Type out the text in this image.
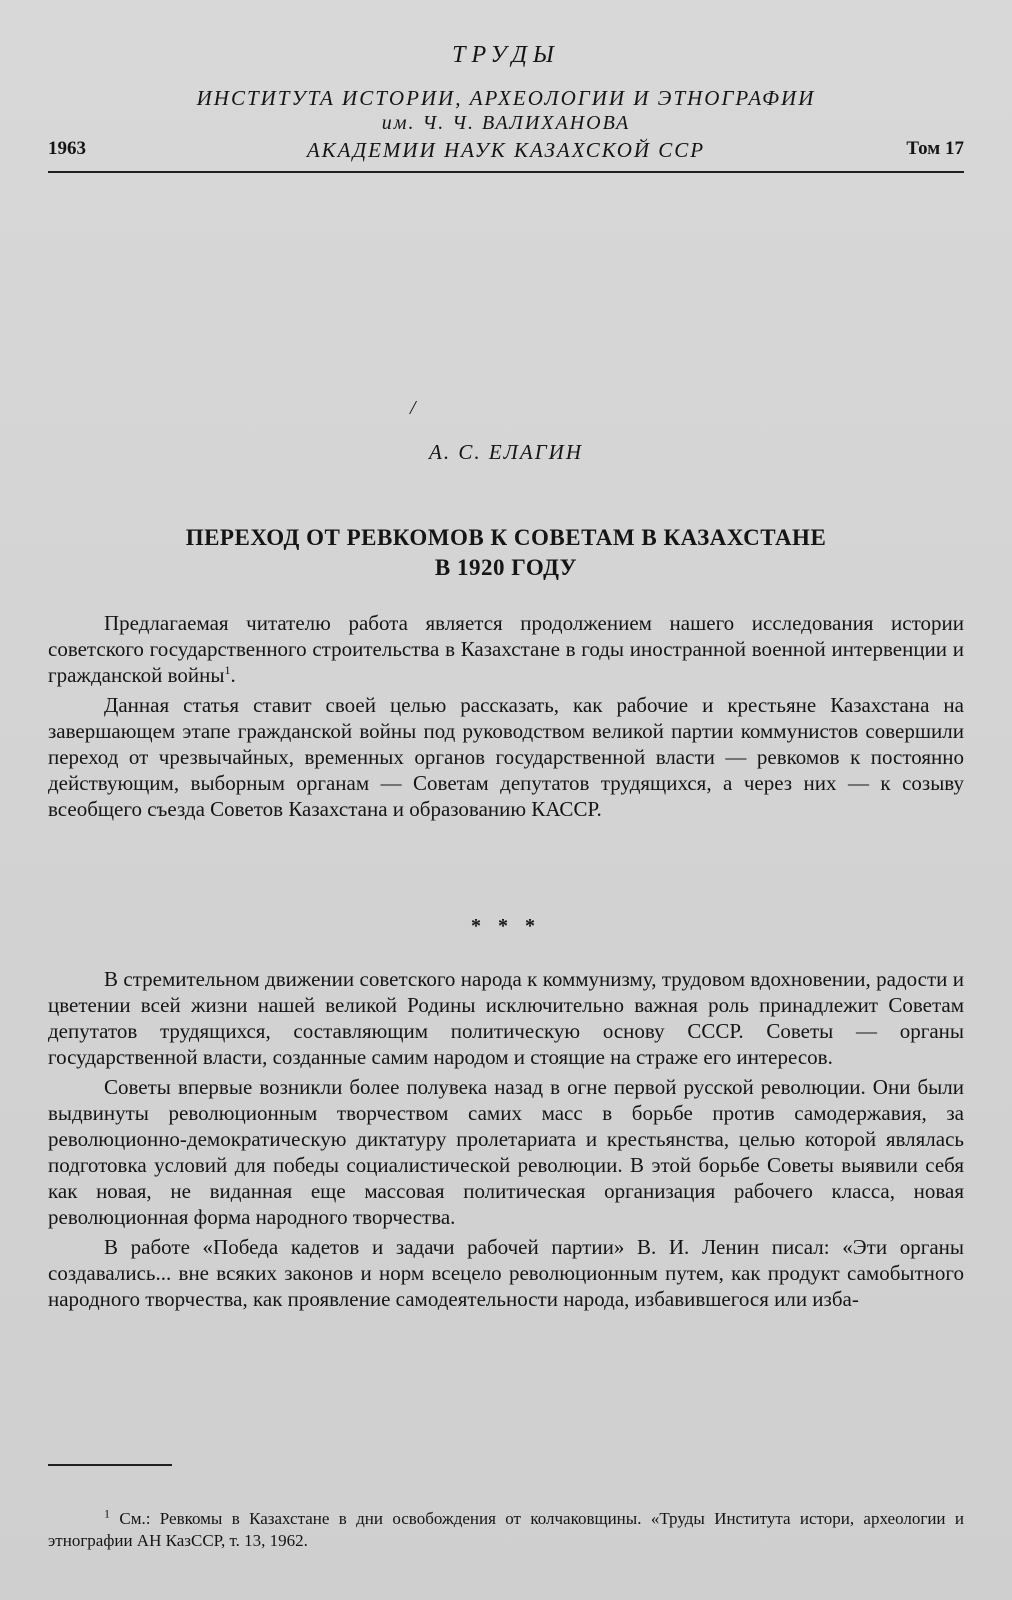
ТРУДЫ
ИНСТИТУТА ИСТОРИИ, АРХЕОЛОГИИ И ЭТНОГРАФИИ
им. Ч. Ч. ВАЛИХАНОВА
АКАДЕМИИ НАУК КАЗАХСКОЙ ССР
1963	Том 17
/
А. С. ЕЛАГИН
ПЕРЕХОД ОТ РЕВКОМОВ К СОВЕТАМ В КАЗАХСТАНЕ
В 1920 ГОДУ

Предлагаемая читателю работа является продолжением нашего исследования истории советского государственного строительства в Казахстане в годы иностранной военной интервенции и гражданской войны$^1$.

Данная статья ставит своей целью рассказать, как рабочие и крестьяне Казахстана на завершающем этапе гражданской войны под руководством великой партии коммунистов совершили переход от чрезвычайных, временных органов государственной власти — ревкомов к постоянно действующим, выборным органам — Советам депутатов трудящихся, а через них — к созыву всеобщего съезда Советов Казахстана и образованию КАССР.

* * *

В стремительном движении советского народа к коммунизму, трудовом вдохновении, радости и цветении всей жизни нашей великой Родины исключительно важная роль принадлежит Советам депутатов трудящихся, составляющим политическую основу СССР. Советы — органы государственной власти, созданные самим народом и стоящие на страже его интересов.

Советы впервые возникли более полувека назад в огне первой русской революции. Они были выдвинуты революционным творчеством самих масс в борьбе против самодержавия, за революционно-демократическую диктатуру пролетариата и крестьянства, целью которой являлась подготовка условий для победы социалистической революции. В этой борьбе Советы выявили себя как новая, не виданная еще массовая политическая организация рабочего класса, новая революционная форма народного творчества.

В работе «Победа кадетов и задачи рабочей партии» В. И. Ленин писал: «Эти органы создавались... вне всяких законов и норм всецело революционным путем, как продукт самобытного народного творчества, как проявление самодеятельности народа, избавившегося или изба-

$^1$ См.: Ревкомы в Казахстане в дни освобождения от колчаковщины. «Труды Института истори, археологии и этнографии АН КазССР, т. 13, 1962.
